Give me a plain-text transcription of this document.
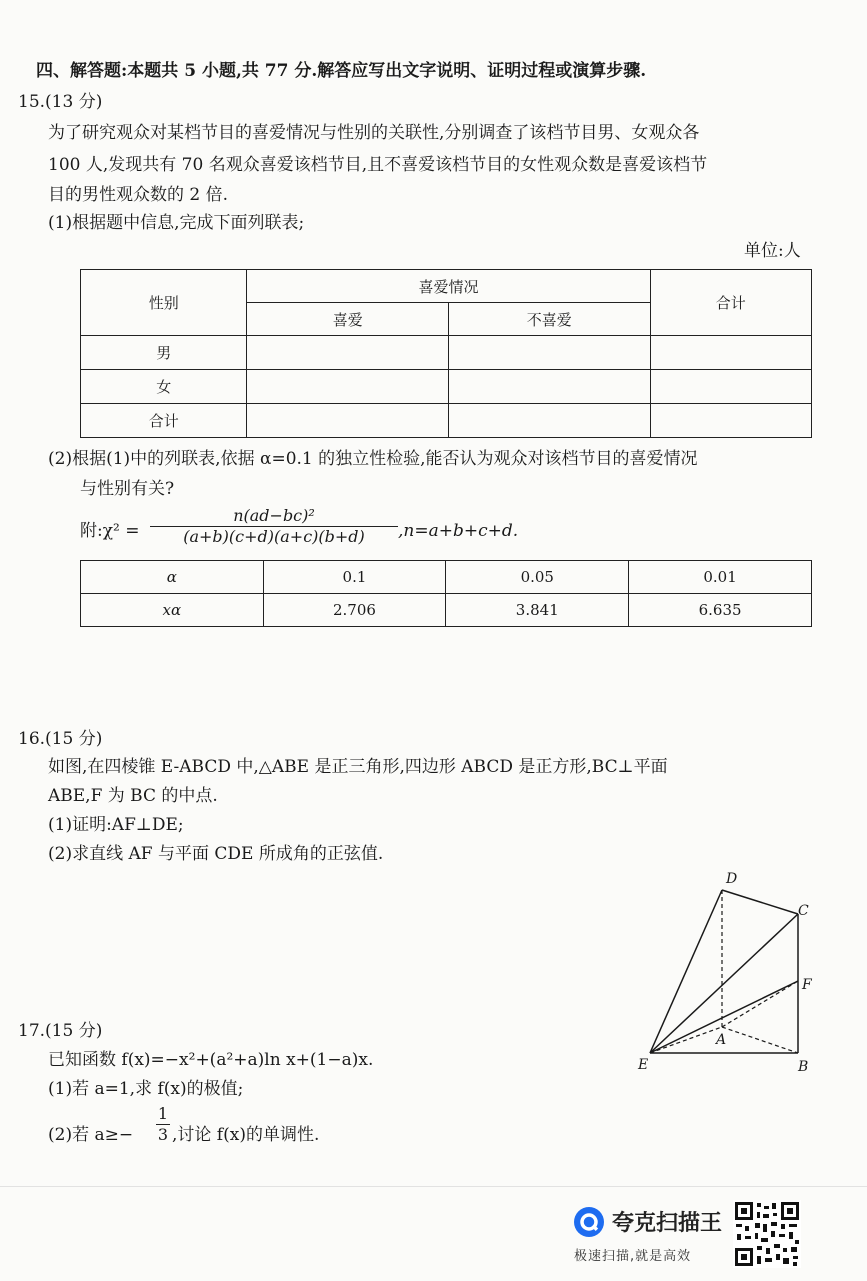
四、解答题:本题共 5 小题,共 77 分.解答应写出文字说明、证明过程或演算步骤.
15.(13 分)
为了研究观众对某档节目的喜爱情况与性别的关联性,分别调查了该档节目男、女观众各
100 人,发现共有 70 名观众喜爱该档节目,且不喜爱该档节目的女性观众数是喜爱该档节
目的男性观众数的 2 倍.
(1)根据题中信息,完成下面列联表;
单位:人
性别	喜爱情况		合计
	喜爱	不喜爱	
男			
女			
合计			
(2)根据(1)中的列联表,依据 α=0.1 的独立性检验,能否认为观众对该档节目的喜爱情况
与性别有关?
附:χ² =
n(ad−bc)²
(a+b)(c+d)(a+c)(b+d)	,n=a+b+c+d.
α	0.1	0.05	0.01
xα	2.706	3.841	6.635
16.(15 分)
如图,在四棱锥 E-ABCD 中,△ABE 是正三角形,四边形 ABCD 是正方形,BC⊥平面
ABE,F 为 BC 的中点.
(1)证明:AF⊥DE;
(2)求直线 AF 与平面 CDE 所成角的正弦值.
D
C
F
A
E	B
17.(15 分)
已知函数 f(x)=−x²+(a²+a)ln x+(1−a)x.
(1)若 a=1,求 f(x)的极值;
(2)若 a≥−
1
3 ,讨论 f(x)的单调性.
夸克扫描王
极速扫描,就是高效
